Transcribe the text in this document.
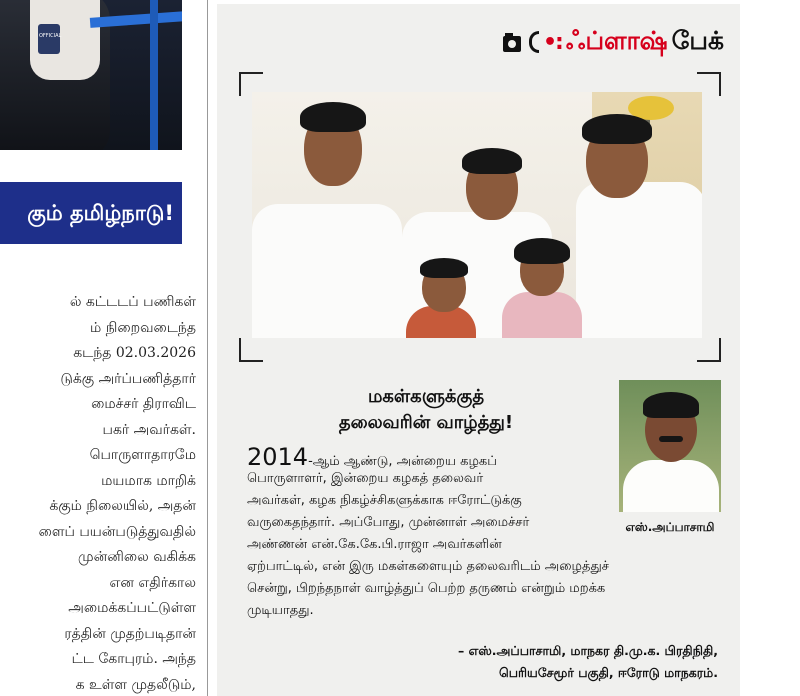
OFFICIAL
கும் தமிழ்நாடு!
ல் கட்டடப் பணிகள்
ம் நிறைவடைந்த
கடந்த 02.03.2026
டுக்கு அர்ப்பணித்தார்
மைச்சர் திராவிட
பகர் அவர்கள்.
பொருளாதாரமே
மயமாக மாறிக்
க்கும் நிலையில், அதன்
ளைப் பயன்படுத்துவதில்
முன்னிலை வகிக்க
என எதிர்கால
அமைக்கப்பட்டுள்ள
ரத்தின் முதற்படிதான்
ட்ட கோபுரம். அந்த
க உள்ள முதலீடும்,
•: ஃப்ளாஷ் பேக்
மகள்களுக்குத்
தலைவரின் வாழ்த்து!
எஸ்.அப்பாசாமி
2014-ஆம் ஆண்டு, அன்றைய கழகப்
பொருளாளர், இன்றைய கழகத் தலைவர்
அவர்கள், கழக நிகழ்ச்சிகளுக்காக ஈரோட்டுக்கு
வருகைதந்தார். அப்போது, முன்னாள் அமைச்சர்
அண்ணன் என்.கே.கே.பி.ராஜா அவர்களின்
ஏற்பாட்டில், என் இரு மகள்களையும் தலைவரிடம் அழைத்துச்
சென்று, பிறந்தநாள் வாழ்த்துப் பெற்ற தருணம் என்றும் மறக்க
முடியாதது.
– எஸ்.அப்பாசாமி, மாநகர தி.மு.க. பிரதிநிதி,
பெரியசேமூர் பகுதி, ஈரோடு மாநகரம்.
